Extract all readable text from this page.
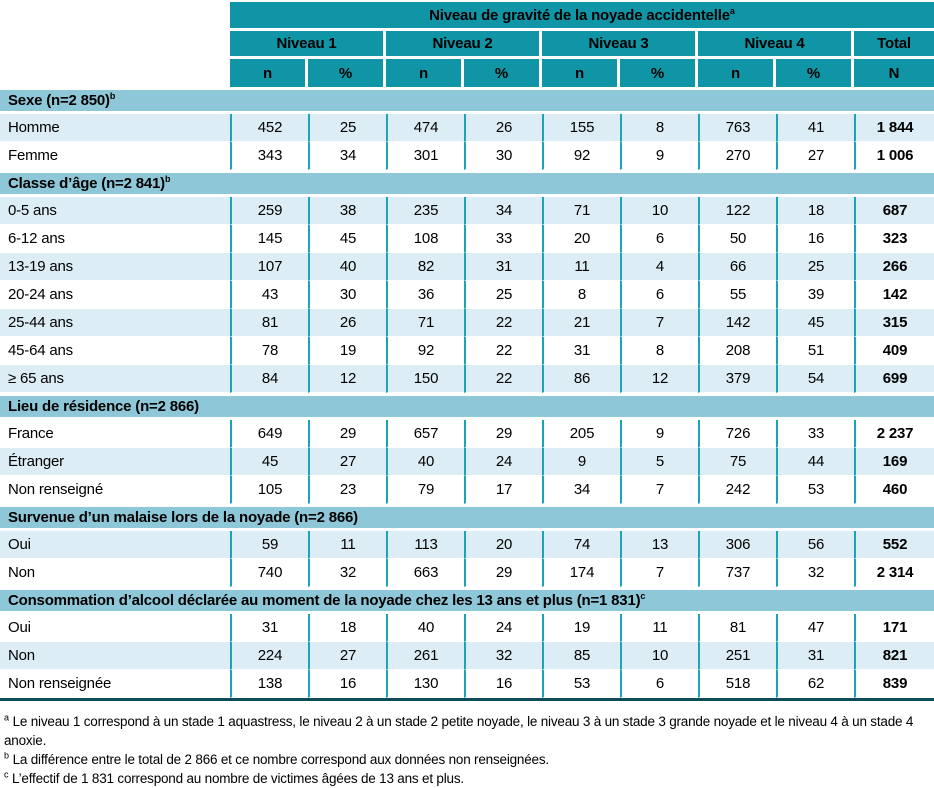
	Niveau de gravité de la noyade accidentelle$^a$
	Niveau 1		Niveau 2		Niveau 3		Niveau 4		Total
	n	%	n	%	n	%	n	%	N
Sexe (n=2 850)$^b$
Homme	452	25	474	26	155	8	763	41	1 844
Femme	343	34	301	30	92	9	270	27	1 006
Classe d’âge (n=2 841)$^b$
0-5 ans	259	38	235	34	71	10	122	18	687
6-12 ans	145	45	108	33	20	6	50	16	323
13-19 ans	107	40	82	31	11	4	66	25	266
20-24 ans	43	30	36	25	8	6	55	39	142
25-44 ans	81	26	71	22	21	7	142	45	315
45-64 ans	78	19	92	22	31	8	208	51	409
≥ 65 ans	84	12	150	22	86	12	379	54	699
Lieu de résidence (n=2 866)									
France	649	29	657	29	205	9	726	33	2 237
Étranger	45	27	40	24	9	5	75	44	169
Non renseigné	105	23	79	17	34	7	242	53	460
Survenue d’un malaise lors de la noyade (n=2 866)									
Oui	59	11	113	20	74	13	306	56	552
Non	740	32	663	29	174	7	737	32	2 314
Consommation d’alcool déclarée au moment de la noyade chez les 13 ans et plus (n=1 831)$^c$
Oui	31	18	40	24	19	11	81	47	171
Non	224	27	261	32	85	10	251	31	821
Non renseignée	138	16	130	16	53	6	518	62	839

$^a$ Le niveau 1 correspond à un stade 1 aquastress, le niveau 2 à un stade 2 petite noyade, le niveau 3 à un stade 3 grande noyade et le niveau 4 à un stade 4 anoxie.

$^b$ La différence entre le total de 2 866 et ce nombre correspond aux données non renseignées.

$^c$ L’effectif de 1 831 correspond au nombre de victimes âgées de 13 ans et plus.
